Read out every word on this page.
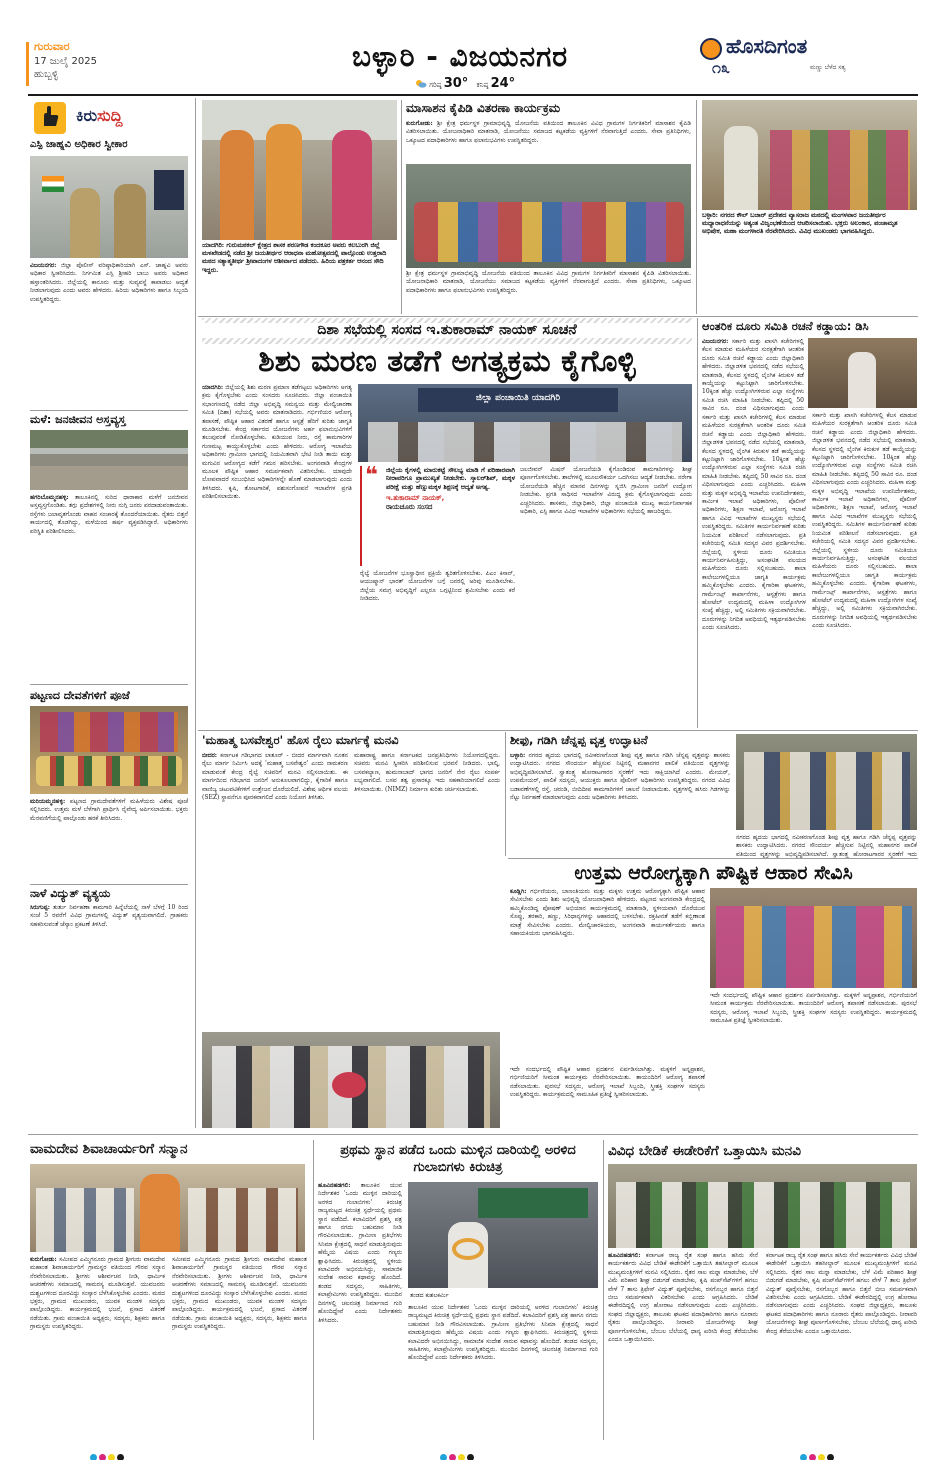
ಗುರುವಾರ
17 ಜುಲೈ 2025
ಹುಬ್ಬಳ್ಳಿ
ಬಳ್ಳಾರಿ - ವಿಜಯನಗರ
ಗರಿಷ್ಠ 30° ಕನಿಷ್ಠ 24°
ಹೊಸದಿಗಂತ
೧೩	ಮಣ್ಣು ಬೆಳೆದ ಸತ್ಯ
ಕಿರುಸುದ್ದಿ
ಎಸ್ಪಿ ಜಾಹ್ನವಿ ಅಧಿಕಾರ ಸ್ವೀಕಾರ
ವಿಜಯನಗರ: ಜಿಲ್ಲಾ ಪೊಲೀಸ್ ವರಿಷ್ಠಾಧಿಕಾರಿಯಾಗಿ ಎಸ್. ಜಾಹ್ನವಿ ಅವರು ಅಧಿಕಾರ ಸ್ವೀಕರಿಸಿದರು. ನಿರ್ಗಮಿತ ಎಸ್ಪಿ ಶ್ರೀಹರಿ ಬಾಬು ಅವರು ಅಧಿಕಾರ ಹಸ್ತಾಂತರಿಸಿದರು. ಜಿಲ್ಲೆಯಲ್ಲಿ ಕಾನೂನು ಮತ್ತು ಸುವ್ಯವಸ್ಥೆ ಕಾಪಾಡಲು ಆದ್ಯತೆ ನೀಡಲಾಗುವುದು ಎಂದು ಅವರು ಹೇಳಿದರು. ಹಿರಿಯ ಅಧಿಕಾರಿಗಳು ಹಾಗೂ ಸಿಬ್ಬಂದಿ ಉಪಸ್ಥಿತರಿದ್ದರು.
ಮಳೆ: ಜನಜೀವನ ಅಸ್ತವ್ಯಸ್ತ
ಹಗರಿಬೊಮ್ಮನಹಳ್ಳಿ: ತಾಲೂಕಿನಲ್ಲಿ ಸುರಿದ ಧಾರಾಕಾರ ಮಳೆಗೆ ಜನಜೀವನ ಅಸ್ತವ್ಯಸ್ತಗೊಂಡಿತು. ತಗ್ಗು ಪ್ರದೇಶಗಳಲ್ಲಿ ನೀರು ನುಗ್ಗಿ ಜನರು ಪರದಾಡುವಂತಾಯಿತು. ರಸ್ತೆಗಳು ಜಲಾವೃತಗೊಂಡು ವಾಹನ ಸಂಚಾರಕ್ಕೆ ತೊಂದರೆಯಾಯಿತು. ರೈತರು ಬಿತ್ತನೆ ಕಾರ್ಯದಲ್ಲಿ ತೊಡಗಿದ್ದು, ಮಳೆಯಿಂದ ಹರ್ಷ ವ್ಯಕ್ತಪಡಿಸಿದ್ದಾರೆ. ಅಧಿಕಾರಿಗಳು ಪರಿಸ್ಥಿತಿ ಪರಿಶೀಲಿಸಿದರು.
ಪಟ್ಟಣದ ದೇವತೆಗಳಿಗೆ ಪೂಜೆ
ಮರಿಯಮ್ಮನಹಳ್ಳಿ: ಪಟ್ಟಣದ ಗ್ರಾಮದೇವತೆಗಳಿಗೆ ಮಹಿಳೆಯರು ವಿಶೇಷ ಪೂಜೆ ಸಲ್ಲಿಸಿದರು. ಉತ್ತಮ ಮಳೆ ಬೆಳೆಗಾಗಿ ಪ್ರಾರ್ಥಿಸಿ ನೈವೇದ್ಯ ಅರ್ಪಿಸಲಾಯಿತು. ಭಕ್ತರು ಮೆರವಣಿಗೆಯಲ್ಲಿ ಪಾಲ್ಗೊಂಡು ಹರಕೆ ತೀರಿಸಿದರು.
ನಾಳೆ ವಿದ್ಯುತ್ ವ್ಯತ್ಯಯ
ಸಿರುಗುಪ್ಪ: ತುರ್ತು ನಿರ್ವಹಣಾ ಕಾಮಗಾರಿ ಹಿನ್ನೆಲೆಯಲ್ಲಿ ನಾಳೆ ಬೆಳಗ್ಗೆ 10 ರಿಂದ ಸಂಜೆ 5 ರವರೆಗೆ ವಿವಿಧ ಗ್ರಾಮಗಳಲ್ಲಿ ವಿದ್ಯುತ್ ವ್ಯತ್ಯಯವಾಗಲಿದೆ. ಗ್ರಾಹಕರು ಸಹಕರಿಸುವಂತೆ ಜೆಸ್ಕಾಂ ಪ್ರಕಟಣೆ ತಿಳಿಸಿದೆ.
ಯಾದಗಿರಿ: ಗುರುಮಠಕಲ್ ಕ್ಷೇತ್ರದ ಶಾಸಕ ಶರಣಗೌಡ ಕಂದಕೂರ ಅವರು ಕಲಬುರಗಿ ಜಿಲ್ಲೆ ಮಳಖೇಡದಲ್ಲಿ ನಡೆದ ಶ್ರೀ ಜಯತೀರ್ಥರ ಆರಾಧನಾ ಮಹೋತ್ಸವದಲ್ಲಿ ಪಾಲ್ಗೊಂಡು ಉತ್ತರಾದಿ ಮಠದ ಸತ್ಯಾತ್ಮತೀರ್ಥ ಶ್ರೀಪಾದಂಗಳ ಆಶೀರ್ವಾದ ಪಡೆದರು. ಹಿರಿಯ ಪತ್ರಕರ್ತ ಆನಂದ ಸೌದಿ ಇದ್ದರು.
ಮಾಸಾಶನ ಕೈಪಿಡಿ ವಿತರಣಾ ಕಾರ್ಯಕ್ರಮ
ಕುರುಗೋಡು: ಶ್ರೀ ಕ್ಷೇತ್ರ ಧರ್ಮಸ್ಥಳ ಗ್ರಾಮಾಭಿವೃದ್ಧಿ ಯೋಜನೆಯ ವತಿಯಿಂದ ತಾಲೂಕಿನ ವಿವಿಧ ಗ್ರಾಮಗಳ ನಿರ್ಗತಿಕರಿಗೆ ಮಾಸಾಶನ ಕೈಪಿಡಿ ವಿತರಿಸಲಾಯಿತು. ಯೋಜನಾಧಿಕಾರಿ ಮಾತನಾಡಿ, ಯೋಜನೆಯು ಸಮಾಜದ ಕಟ್ಟಕಡೆಯ ವ್ಯಕ್ತಿಗಳಿಗೆ ನೆರವಾಗುತ್ತಿದೆ ಎಂದರು. ಸೇವಾ ಪ್ರತಿನಿಧಿಗಳು, ಒಕ್ಕೂಟದ ಪದಾಧಿಕಾರಿಗಳು ಹಾಗೂ ಫಲಾನುಭವಿಗಳು ಉಪಸ್ಥಿತರಿದ್ದರು.
ಶ್ರೀ ಕ್ಷೇತ್ರ ಧರ್ಮಸ್ಥಳ ಗ್ರಾಮಾಭಿವೃದ್ಧಿ ಯೋಜನೆಯ ವತಿಯಿಂದ ತಾಲೂಕಿನ ವಿವಿಧ ಗ್ರಾಮಗಳ ನಿರ್ಗತಿಕರಿಗೆ ಮಾಸಾಶನ ಕೈಪಿಡಿ ವಿತರಿಸಲಾಯಿತು. ಯೋಜನಾಧಿಕಾರಿ ಮಾತನಾಡಿ, ಯೋಜನೆಯು ಸಮಾಜದ ಕಟ್ಟಕಡೆಯ ವ್ಯಕ್ತಿಗಳಿಗೆ ನೆರವಾಗುತ್ತಿದೆ ಎಂದರು. ಸೇವಾ ಪ್ರತಿನಿಧಿಗಳು, ಒಕ್ಕೂಟದ ಪದಾಧಿಕಾರಿಗಳು ಹಾಗೂ ಫಲಾನುಭವಿಗಳು ಉಪಸ್ಥಿತರಿದ್ದರು.
ಬಳ್ಳಾರಿ: ನಗರದ ಕೌಲ್ ಬಜಾರ್ ಪ್ರದೇಶದ ವ್ಯಾಸರಾಜ ಮಠದಲ್ಲಿ ಮಂಗಳವಾರ ಜಯತೀರ್ಥರ ಮಧ್ಯಾರಾಧನೆಯನ್ನು ಅತ್ಯಂತ ವಿಜೃಂಭಣೆಯಿಂದ ಆಚರಿಸಲಾಯಿತು. ಭಕ್ತರು ಅಲಂಕಾರ, ಪಂಚಾಮೃತ ಅಭಿಷೇಕ, ಮಹಾ ಮಂಗಳಾರತಿ ನೆರವೇರಿಸಿದರು. ವಿವಿಧ ಮುಖಂಡರು ಭಾಗವಹಿಸಿದ್ದರು.
ದಿಶಾ ಸಭೆಯಲ್ಲಿ ಸಂಸದ ಇ.ತುಕಾರಾಮ್ ನಾಯಕ್ ಸೂಚನೆ
ಶಿಶು ಮರಣ ತಡೆಗೆ ಅಗತ್ಯಕ್ರಮ ಕೈಗೊಳ್ಳಿ
ಯಾದಗಿರಿ: ಜಿಲ್ಲೆಯಲ್ಲಿ ಶಿಶು ಮರಣ ಪ್ರಮಾಣ ತಡೆಗಟ್ಟಲು ಅಧಿಕಾರಿಗಳು ಅಗತ್ಯ ಕ್ರಮ ಕೈಗೊಳ್ಳಬೇಕು ಎಂದು ಸಂಸದರು ಸೂಚಿಸಿದರು. ಜಿಲ್ಲಾ ಪಂಚಾಯಿತಿ ಸಭಾಂಗಣದಲ್ಲಿ ನಡೆದ ಜಿಲ್ಲಾ ಅಭಿವೃದ್ಧಿ ಸಮನ್ವಯ ಮತ್ತು ಮೇಲ್ವಿಚಾರಣಾ ಸಮಿತಿ (ದಿಶಾ) ಸಭೆಯಲ್ಲಿ ಅವರು ಮಾತನಾಡಿದರು. ಗರ್ಭಿಣಿಯರ ಆರೋಗ್ಯ ತಪಾಸಣೆ, ಪೌಷ್ಟಿಕ ಆಹಾರ ವಿತರಣೆ ಹಾಗೂ ಆಸ್ಪತ್ರೆ ಹೆರಿಗೆ ಕುರಿತು ಜಾಗೃತಿ ಮೂಡಿಸಬೇಕು. ಕೇಂದ್ರ ಸರ್ಕಾರದ ಯೋಜನೆಗಳು ಅರ್ಹ ಫಲಾನುಭವಿಗಳಿಗೆ ತಲುಪುವಂತೆ ನೋಡಿಕೊಳ್ಳಬೇಕು. ಕುಡಿಯುವ ನೀರು, ರಸ್ತೆ ಕಾಮಗಾರಿಗಳ ಗುಣಮಟ್ಟ ಕಾಯ್ದುಕೊಳ್ಳಬೇಕು ಎಂದು ಹೇಳಿದರು. ಆರೋಗ್ಯ ಇಲಾಖೆಯ ಅಧಿಕಾರಿಗಳು ಗ್ರಾಮೀಣ ಭಾಗದಲ್ಲಿ ನಿಯಮಿತವಾಗಿ ಭೇಟಿ ನೀಡಿ ತಾಯಿ ಮತ್ತು ಮಗುವಿನ ಆರೋಗ್ಯದ ಕಡೆಗೆ ಗಮನ ಹರಿಸಬೇಕು. ಅಂಗನವಾಡಿ ಕೇಂದ್ರಗಳ ಮೂಲಕ ಪೌಷ್ಟಿಕ ಆಹಾರ ಸಮರ್ಪಕವಾಗಿ ವಿತರಿಸಬೇಕು. ಯಾವುದೇ ಲೋಪವಾದರೆ ಸಂಬಂಧಿಸಿದ ಅಧಿಕಾರಿಗಳನ್ನೇ ಹೊಣೆ ಮಾಡಲಾಗುವುದು ಎಂದು ತಿಳಿಸಿದರು. ಕೃಷಿ, ತೋಟಗಾರಿಕೆ, ಪಶುಸಂಗೋಪನೆ ಇಲಾಖೆಗಳ ಪ್ರಗತಿ ಪರಿಶೀಲಿಸಲಾಯಿತು.
ಜಿಲ್ಲಾ ಪಂಚಾಯಿತಿ ಯಾದಗಿರಿ
❝	ಜಿಲ್ಲೆಯ ಕೈಗಳಲ್ಲಿ ಮಾರುಕಟ್ಟೆ ಸೌಲಭ್ಯ ಮಾಡಿ ಗೆ ಪರಿಹಾರವಾಗಿ ನೀರಾವರಿಗೂ ಪ್ರಾಮುಖ್ಯತೆ ನೀಡಬೇಕು. ಸ್ಕಾಲರ್‌ಶಿಪ್, ಮಕ್ಕಳ ಪರೀಕ್ಷೆ ಮತ್ತು ಹೆಣ್ಣುಮಕ್ಕಳ ಶಿಕ್ಷಣಕ್ಕೆ ಆದ್ಯತೆ ಅಗತ್ಯ.
ಇ.ತುಕಾರಾಮ್ ನಾಯಕ್,
ರಾಯಚೂರು ಸಂಸದ
ಜಲಜೀವನ್ ಮಿಷನ್ ಯೋಜನೆಯಡಿ ಕೈಗೊಂಡಿರುವ ಕಾಮಗಾರಿಗಳನ್ನು ಶೀಘ್ರ ಪೂರ್ಣಗೊಳಿಸಬೇಕು. ಶಾಲೆಗಳಲ್ಲಿ ಮೂಲಸೌಕರ್ಯ ಒದಗಿಸಲು ಆದ್ಯತೆ ನೀಡಬೇಕು. ನರೇಗಾ ಯೋಜನೆಯಡಿ ಹೆಚ್ಚಿನ ಮಾನವ ದಿನಗಳನ್ನು ಸೃಜಿಸಿ ಗ್ರಾಮೀಣ ಜನರಿಗೆ ಉದ್ಯೋಗ ನೀಡಬೇಕು. ಪ್ರಗತಿ ಸಾಧಿಸದ ಇಲಾಖೆಗಳ ವಿರುದ್ಧ ಕ್ರಮ ಕೈಗೊಳ್ಳಲಾಗುವುದು ಎಂದು ಎಚ್ಚರಿಸಿದರು. ಶಾಸಕರು, ಜಿಲ್ಲಾಧಿಕಾರಿ, ಜಿಲ್ಲಾ ಪಂಚಾಯಿತಿ ಮುಖ್ಯ ಕಾರ್ಯನಿರ್ವಾಹಕ ಅಧಿಕಾರಿ, ಎಸ್ಪಿ ಹಾಗೂ ವಿವಿಧ ಇಲಾಖೆಗಳ ಅಧಿಕಾರಿಗಳು ಸಭೆಯಲ್ಲಿ ಹಾಜರಿದ್ದರು.
ರೈಲ್ವೆ ಯೋಜನೆಗಳ ಭೂಸ್ವಾಧೀನ ಪ್ರಕ್ರಿಯೆ ತ್ವರಿತಗೊಳಿಸಬೇಕು. ಪಿಎಂ ಕಿಸಾನ್, ಆಯುಷ್ಮಾನ್ ಭಾರತ್ ಯೋಜನೆಗಳ ಬಗ್ಗೆ ಜನರಲ್ಲಿ ಅರಿವು ಮೂಡಿಸಬೇಕು. ಜಿಲ್ಲೆಯ ಸಮಗ್ರ ಅಭಿವೃದ್ಧಿಗೆ ಎಲ್ಲರೂ ಒಗ್ಗಟ್ಟಿನಿಂದ ಶ್ರಮಿಸಬೇಕು ಎಂದು ಕರೆ ನೀಡಿದರು.
ಆಂತರಿಕ ದೂರು ಸಮಿತಿ ರಚನೆ ಕಡ್ಡಾಯ: ಡಿಸಿ
ವಿಜಯನಗರ: ಸರ್ಕಾರಿ ಮತ್ತು ಖಾಸಗಿ ಕಚೇರಿಗಳಲ್ಲಿ ಕೆಲಸ ಮಾಡುವ ಮಹಿಳೆಯರ ಸುರಕ್ಷತೆಗಾಗಿ ಆಂತರಿಕ ದೂರು ಸಮಿತಿ ರಚನೆ ಕಡ್ಡಾಯ ಎಂದು ಜಿಲ್ಲಾಧಿಕಾರಿ ಹೇಳಿದರು. ಜಿಲ್ಲಾಡಳಿತ ಭವನದಲ್ಲಿ ನಡೆದ ಸಭೆಯಲ್ಲಿ ಮಾತನಾಡಿ, ಕೆಲಸದ ಸ್ಥಳದಲ್ಲಿ ಲೈಂಗಿಕ ಕಿರುಕುಳ ತಡೆ ಕಾಯ್ದೆಯನ್ನು ಕಟ್ಟುನಿಟ್ಟಾಗಿ ಜಾರಿಗೊಳಿಸಬೇಕು. 10ಕ್ಕಿಂತ ಹೆಚ್ಚು ಉದ್ಯೋಗಿಗಳಿರುವ ಎಲ್ಲಾ ಸಂಸ್ಥೆಗಳು ಸಮಿತಿ ರಚಿಸಿ ಮಾಹಿತಿ ನೀಡಬೇಕು. ತಪ್ಪಿದಲ್ಲಿ 50 ಸಾವಿರ ರೂ. ದಂಡ ವಿಧಿಸಲಾಗುವುದು ಎಂದು
ಸರ್ಕಾರಿ ಮತ್ತು ಖಾಸಗಿ ಕಚೇರಿಗಳಲ್ಲಿ ಕೆಲಸ ಮಾಡುವ ಮಹಿಳೆಯರ ಸುರಕ್ಷತೆಗಾಗಿ ಆಂತರಿಕ ದೂರು ಸಮಿತಿ ರಚನೆ ಕಡ್ಡಾಯ ಎಂದು ಜಿಲ್ಲಾಧಿಕಾರಿ ಹೇಳಿದರು. ಜಿಲ್ಲಾಡಳಿತ ಭವನದಲ್ಲಿ ನಡೆದ ಸಭೆಯಲ್ಲಿ ಮಾತನಾಡಿ, ಕೆಲಸದ ಸ್ಥಳದಲ್ಲಿ ಲೈಂಗಿಕ ಕಿರುಕುಳ ತಡೆ ಕಾಯ್ದೆಯನ್ನು ಕಟ್ಟುನಿಟ್ಟಾಗಿ ಜಾರಿಗೊಳಿಸಬೇಕು. 10ಕ್ಕಿಂತ ಹೆಚ್ಚು ಉದ್ಯೋಗಿಗಳಿರುವ ಎಲ್ಲಾ ಸಂಸ್ಥೆಗಳು ಸಮಿತಿ ರಚಿಸಿ ಮಾಹಿತಿ ನೀಡಬೇಕು. ತಪ್ಪಿದಲ್ಲಿ 50 ಸಾವಿರ ರೂ. ದಂಡ ವಿಧಿಸಲಾಗುವುದು ಎಂದು ಎಚ್ಚರಿಸಿದರು. ಮಹಿಳಾ ಮತ್ತು ಮಕ್ಕಳ ಅಭಿವೃದ್ಧಿ ಇಲಾಖೆಯ ಉಪನಿರ್ದೇಶಕರು, ಕಾರ್ಮಿಕ ಇಲಾಖೆ ಅಧಿಕಾರಿಗಳು, ಪೊಲೀಸ್ ಅಧಿಕಾರಿಗಳು, ಶಿಕ್ಷಣ ಇಲಾಖೆ, ಆರೋಗ್ಯ ಇಲಾಖೆ ಹಾಗೂ ವಿವಿಧ ಇಲಾಖೆಗಳ ಮುಖ್ಯಸ್ಥರು ಸಭೆಯಲ್ಲಿ ಉಪಸ್ಥಿತರಿದ್ದರು. ಸಮಿತಿಗಳ ಕಾರ್ಯನಿರ್ವಹಣೆ ಕುರಿತು ನಿಯಮಿತ ಪರಿಶೀಲನೆ ನಡೆಸಲಾಗುವುದು. ಪ್ರತಿ ಕಚೇರಿಯಲ್ಲಿ ಸಮಿತಿ ಸದಸ್ಯರ ವಿವರ ಪ್ರದರ್ಶಿಸಬೇಕು. ಜಿಲ್ಲೆಯಲ್ಲಿ ಸ್ಥಳೀಯ ದೂರು ಸಮಿತಿಯೂ ಕಾರ್ಯನಿರ್ವಹಿಸುತ್ತಿದ್ದು, ಅಸಂಘಟಿತ ವಲಯದ ಮಹಿಳೆಯರು ದೂರು ಸಲ್ಲಿಸಬಹುದು. ಶಾಲಾ ಕಾಲೇಜುಗಳಲ್ಲಿಯೂ ಜಾಗೃತಿ ಕಾರ್ಯಕ್ರಮ ಹಮ್ಮಿಕೊಳ್ಳಬೇಕು ಎಂದರು. ಕೈಗಾರಿಕಾ ಘಟಕಗಳು, ಗಾರ್ಮೆಂಟ್ಸ್ ಕಾರ್ಖಾನೆಗಳು, ಆಸ್ಪತ್ರೆಗಳು ಹಾಗೂ ಹೋಟೆಲ್ ಉದ್ಯಮದಲ್ಲಿ ಮಹಿಳಾ ಉದ್ಯೋಗಿಗಳ ಸಂಖ್ಯೆ ಹೆಚ್ಚಿದ್ದು, ಅಲ್ಲಿ ಸಮಿತಿಗಳು ಸಕ್ರಿಯವಾಗಿರಬೇಕು. ದೂರುಗಳನ್ನು ನಿಗದಿತ ಅವಧಿಯಲ್ಲಿ ಇತ್ಯರ್ಥಪಡಿಸಬೇಕು ಎಂದು ಸೂಚಿಸಿದರು.
ಸರ್ಕಾರಿ ಮತ್ತು ಖಾಸಗಿ ಕಚೇರಿಗಳಲ್ಲಿ ಕೆಲಸ ಮಾಡುವ ಮಹಿಳೆಯರ ಸುರಕ್ಷತೆಗಾಗಿ ಆಂತರಿಕ ದೂರು ಸಮಿತಿ ರಚನೆ ಕಡ್ಡಾಯ ಎಂದು ಜಿಲ್ಲಾಧಿಕಾರಿ ಹೇಳಿದರು. ಜಿಲ್ಲಾಡಳಿತ ಭವನದಲ್ಲಿ ನಡೆದ ಸಭೆಯಲ್ಲಿ ಮಾತನಾಡಿ, ಕೆಲಸದ ಸ್ಥಳದಲ್ಲಿ ಲೈಂಗಿಕ ಕಿರುಕುಳ ತಡೆ ಕಾಯ್ದೆಯನ್ನು ಕಟ್ಟುನಿಟ್ಟಾಗಿ ಜಾರಿಗೊಳಿಸಬೇಕು. 10ಕ್ಕಿಂತ ಹೆಚ್ಚು ಉದ್ಯೋಗಿಗಳಿರುವ ಎಲ್ಲಾ ಸಂಸ್ಥೆಗಳು ಸಮಿತಿ ರಚಿಸಿ ಮಾಹಿತಿ ನೀಡಬೇಕು. ತಪ್ಪಿದಲ್ಲಿ 50 ಸಾವಿರ ರೂ. ದಂಡ ವಿಧಿಸಲಾಗುವುದು ಎಂದು ಎಚ್ಚರಿಸಿದರು. ಮಹಿಳಾ ಮತ್ತು ಮಕ್ಕಳ ಅಭಿವೃದ್ಧಿ ಇಲಾಖೆಯ ಉಪನಿರ್ದೇಶಕರು, ಕಾರ್ಮಿಕ ಇಲಾಖೆ ಅಧಿಕಾರಿಗಳು, ಪೊಲೀಸ್ ಅಧಿಕಾರಿಗಳು, ಶಿಕ್ಷಣ ಇಲಾಖೆ, ಆರೋಗ್ಯ ಇಲಾಖೆ ಹಾಗೂ ವಿವಿಧ ಇಲಾಖೆಗಳ ಮುಖ್ಯಸ್ಥರು ಸಭೆಯಲ್ಲಿ ಉಪಸ್ಥಿತರಿದ್ದರು. ಸಮಿತಿಗಳ ಕಾರ್ಯನಿರ್ವಹಣೆ ಕುರಿತು ನಿಯಮಿತ ಪರಿಶೀಲನೆ ನಡೆಸಲಾಗುವುದು. ಪ್ರತಿ ಕಚೇರಿಯಲ್ಲಿ ಸಮಿತಿ ಸದಸ್ಯರ ವಿವರ ಪ್ರದರ್ಶಿಸಬೇಕು. ಜಿಲ್ಲೆಯಲ್ಲಿ ಸ್ಥಳೀಯ ದೂರು ಸಮಿತಿಯೂ ಕಾರ್ಯನಿರ್ವಹಿಸುತ್ತಿದ್ದು, ಅಸಂಘಟಿತ ವಲಯದ ಮಹಿಳೆಯರು ದೂರು ಸಲ್ಲಿಸಬಹುದು. ಶಾಲಾ ಕಾಲೇಜುಗಳಲ್ಲಿಯೂ ಜಾಗೃತಿ ಕಾರ್ಯಕ್ರಮ ಹಮ್ಮಿಕೊಳ್ಳಬೇಕು ಎಂದರು. ಕೈಗಾರಿಕಾ ಘಟಕಗಳು, ಗಾರ್ಮೆಂಟ್ಸ್ ಕಾರ್ಖಾನೆಗಳು, ಆಸ್ಪತ್ರೆಗಳು ಹಾಗೂ ಹೋಟೆಲ್ ಉದ್ಯಮದಲ್ಲಿ ಮಹಿಳಾ ಉದ್ಯೋಗಿಗಳ ಸಂಖ್ಯೆ ಹೆಚ್ಚಿದ್ದು, ಅಲ್ಲಿ ಸಮಿತಿಗಳು ಸಕ್ರಿಯವಾಗಿರಬೇಕು. ದೂರುಗಳನ್ನು ನಿಗದಿತ ಅವಧಿಯಲ್ಲಿ ಇತ್ಯರ್ಥಪಡಿಸಬೇಕು ಎಂದು ಸೂಚಿಸಿದರು.
'ಮಹಾತ್ಮ ಬಸವೇಶ್ವರ' ಹೊಸ ರೈಲು ಮಾರ್ಗಕ್ಕೆ ಮನವಿ
ಬೀದರ: ಕರ್ನಾಟಕ ಗಡಿಭಾಗದ ಲಾತೂರ್ - ಬೀದರ ಮಾರ್ಗವಾಗಿ ನೂತನ ರೈಲು ಮಾರ್ಗ ನಿರ್ಮಿಸಿ ಅದಕ್ಕೆ 'ಮಹಾತ್ಮ ಬಸವೇಶ್ವರ' ಎಂದು ನಾಮಕರಣ ಮಾಡುವಂತೆ ಕೇಂದ್ರ ರೈಲ್ವೆ ಸಚಿವರಿಗೆ ಮನವಿ ಸಲ್ಲಿಸಲಾಯಿತು. ಈ ಮಾರ್ಗದಿಂದ ಗಡಿಭಾಗದ ಜನರಿಗೆ ಅನುಕೂಲವಾಗಲಿದ್ದು, ಕೈಗಾರಿಕೆ ಹಾಗೂ ವಾಣಿಜ್ಯ ಚಟುವಟಿಕೆಗಳಿಗೆ ಉತ್ತೇಜನ ದೊರೆಯಲಿದೆ. ವಿಶೇಷ ಆರ್ಥಿಕ ವಲಯ (SEZ) ಸ್ಥಾಪನೆಗೂ ಪೂರಕವಾಗಲಿದೆ ಎಂದು ನಿಯೋಗ ತಿಳಿಸಿತು.
ಮಹಾರಾಷ್ಟ್ರ ಹಾಗೂ ಕರ್ನಾಟಕದ ಜನಪ್ರತಿನಿಧಿಗಳು ನಿಯೋಗದಲ್ಲಿದ್ದರು. ಸಚಿವರು ಮನವಿ ಸ್ವೀಕರಿಸಿ ಪರಿಶೀಲಿಸುವ ಭರವಸೆ ನೀಡಿದರು. ಭಾಲ್ಕಿ, ಬಸವಕಲ್ಯಾಣ, ಹುಮನಾಬಾದ್ ಭಾಗದ ಜನರಿಗೆ ನೇರ ರೈಲು ಸಂಪರ್ಕ ಲಭ್ಯವಾಗಲಿದೆ. ಬಸವ ತತ್ವ ಪ್ರಸಾರಕ್ಕೂ ಇದು ಸಹಕಾರಿಯಾಗಲಿದೆ ಎಂದು ತಿಳಿಸಲಾಯಿತು. (NIMZ) ನಿರ್ಮಾಣ ಕುರಿತು ಚರ್ಚಿಸಲಾಯಿತು.
ಶೀಫು, ಗಡಿಗಿ ಚೆನ್ನಪ್ಪ ವೃತ್ತ ಉದ್ಘಾಟನೆ
ಬಳ್ಳಾರಿ: ನಗರದ ಹೃದಯ ಭಾಗದಲ್ಲಿ ನವೀಕರಣಗೊಂಡ ಶೀಫು ವೃತ್ತ ಹಾಗೂ ಗಡಿಗಿ ಚೆನ್ನಪ್ಪ ವೃತ್ತವನ್ನು ಶಾಸಕರು ಉದ್ಘಾಟಿಸಿದರು. ನಗರದ ಸೌಂದರ್ಯ ಹೆಚ್ಚಿಸುವ ನಿಟ್ಟಿನಲ್ಲಿ ಮಹಾನಗರ ಪಾಲಿಕೆ ವತಿಯಿಂದ ವೃತ್ತಗಳನ್ನು ಅಭಿವೃದ್ಧಿಪಡಿಸಲಾಗಿದೆ. ಸ್ವಾತಂತ್ರ್ಯ ಹೋರಾಟಗಾರರ ಸ್ಮರಣೆಗೆ ಇದು ಸಾಕ್ಷಿಯಾಗಿದೆ ಎಂದರು. ಮೇಯರ್, ಉಪಮೇಯರ್, ಪಾಲಿಕೆ ಸದಸ್ಯರು, ಆಯುಕ್ತರು ಹಾಗೂ ಪೊಲೀಸ್ ಅಧಿಕಾರಿಗಳು ಉಪಸ್ಥಿತರಿದ್ದರು. ನಗರದ ವಿವಿಧ ಬಡಾವಣೆಗಳಲ್ಲಿ ರಸ್ತೆ, ಚರಂಡಿ, ಬೀದಿದೀಪ ಕಾಮಗಾರಿಗಳಿಗೆ ಚಾಲನೆ ನೀಡಲಾಯಿತು. ವೃತ್ತಗಳಲ್ಲಿ ಹಸಿರು ಗಿಡಗಳನ್ನು ನೆಟ್ಟು ನಿರ್ವಹಣೆ ಮಾಡಲಾಗುವುದು ಎಂದು ಅಧಿಕಾರಿಗಳು ತಿಳಿಸಿದರು.
ನಗರದ ಹೃದಯ ಭಾಗದಲ್ಲಿ ನವೀಕರಣಗೊಂಡ ಶೀಫು ವೃತ್ತ ಹಾಗೂ ಗಡಿಗಿ ಚೆನ್ನಪ್ಪ ವೃತ್ತವನ್ನು ಶಾಸಕರು ಉದ್ಘಾಟಿಸಿದರು. ನಗರದ ಸೌಂದರ್ಯ ಹೆಚ್ಚಿಸುವ ನಿಟ್ಟಿನಲ್ಲಿ ಮಹಾನಗರ ಪಾಲಿಕೆ ವತಿಯಿಂದ ವೃತ್ತಗಳನ್ನು ಅಭಿವೃದ್ಧಿಪಡಿಸಲಾಗಿದೆ. ಸ್ವಾತಂತ್ರ್ಯ ಹೋರಾಟಗಾರರ ಸ್ಮರಣೆಗೆ ಇದು
ಉತ್ತಮ ಆರೋಗ್ಯಕ್ಕಾಗಿ ಪೌಷ್ಟಿಕ ಆಹಾರ ಸೇವಿಸಿ
ಕೂಡ್ಲಿಗಿ: ಗರ್ಭಿಣಿಯರು, ಬಾಣಂತಿಯರು ಮತ್ತು ಮಕ್ಕಳು ಉತ್ತಮ ಆರೋಗ್ಯಕ್ಕಾಗಿ ಪೌಷ್ಟಿಕ ಆಹಾರ ಸೇವಿಸಬೇಕು ಎಂದು ಶಿಶು ಅಭಿವೃದ್ಧಿ ಯೋಜನಾಧಿಕಾರಿ ಹೇಳಿದರು. ಪಟ್ಟಣದ ಅಂಗನವಾಡಿ ಕೇಂದ್ರದಲ್ಲಿ ಹಮ್ಮಿಕೊಂಡಿದ್ದ ಪೋಷಣ್ ಅಭಿಯಾನ ಕಾರ್ಯಕ್ರಮದಲ್ಲಿ ಮಾತನಾಡಿ, ಸ್ಥಳೀಯವಾಗಿ ದೊರೆಯುವ ಸೊಪ್ಪು, ತರಕಾರಿ, ಹಣ್ಣು, ಸಿರಿಧಾನ್ಯಗಳನ್ನು ಆಹಾರದಲ್ಲಿ ಬಳಸಬೇಕು. ರಕ್ತಹೀನತೆ ತಡೆಗೆ ಕಬ್ಬಿಣಾಂಶ ಮಾತ್ರೆ ಸೇವಿಸಬೇಕು ಎಂದರು. ಮೇಲ್ವಿಚಾರಕಿಯರು, ಅಂಗನವಾಡಿ ಕಾರ್ಯಕರ್ತೆಯರು ಹಾಗೂ ಸಹಾಯಕಿಯರು ಭಾಗವಹಿಸಿದ್ದರು.
ಇದೇ ಸಂದರ್ಭದಲ್ಲಿ ಪೌಷ್ಟಿಕ ಆಹಾರ ಪ್ರದರ್ಶನ ಏರ್ಪಡಿಸಲಾಗಿತ್ತು. ಮಕ್ಕಳಿಗೆ ಅನ್ನಪ್ರಾಶನ, ಗರ್ಭಿಣಿಯರಿಗೆ ಸೀಮಂತ ಕಾರ್ಯಕ್ರಮ ನೆರವೇರಿಸಲಾಯಿತು. ತಾಯಂದಿರಿಗೆ ಆರೋಗ್ಯ ತಪಾಸಣೆ ನಡೆಸಲಾಯಿತು. ಪುರಸಭೆ ಸದಸ್ಯರು, ಆರೋಗ್ಯ ಇಲಾಖೆ ಸಿಬ್ಬಂದಿ, ಸ್ತ್ರೀಶಕ್ತಿ ಸಂಘಗಳ ಸದಸ್ಯರು ಉಪಸ್ಥಿತರಿದ್ದರು. ಕಾರ್ಯಕ್ರಮದಲ್ಲಿ ಸಾಮೂಹಿಕ ಪ್ರತಿಜ್ಞೆ ಸ್ವೀಕರಿಸಲಾಯಿತು.
ಇದೇ ಸಂದರ್ಭದಲ್ಲಿ ಪೌಷ್ಟಿಕ ಆಹಾರ ಪ್ರದರ್ಶನ ಏರ್ಪಡಿಸಲಾಗಿತ್ತು. ಮಕ್ಕಳಿಗೆ ಅನ್ನಪ್ರಾಶನ, ಗರ್ಭಿಣಿಯರಿಗೆ ಸೀಮಂತ ಕಾರ್ಯಕ್ರಮ ನೆರವೇರಿಸಲಾಯಿತು. ತಾಯಂದಿರಿಗೆ ಆರೋಗ್ಯ ತಪಾಸಣೆ ನಡೆಸಲಾಯಿತು. ಪುರಸಭೆ ಸದಸ್ಯರು, ಆರೋಗ್ಯ ಇಲಾಖೆ ಸಿಬ್ಬಂದಿ, ಸ್ತ್ರೀಶಕ್ತಿ ಸಂಘಗಳ ಸದಸ್ಯರು ಉಪಸ್ಥಿತರಿದ್ದರು. ಕಾರ್ಯಕ್ರಮದಲ್ಲಿ ಸಾಮೂಹಿಕ ಪ್ರತಿಜ್ಞೆ ಸ್ವೀಕರಿಸಲಾಯಿತು.
ವಾಮದೇವ ಶಿವಾಚಾರ್ಯರಿಗೆ ಸನ್ಮಾನ
ಕುರುಗೋಡು: ಸಮೀಪದ ಎಮ್ಮಿಗನೂರು ಗ್ರಾಮದ ಶ್ರೀಗುರು ವಾಮದೇವ ಮಹಾಂತ ಶಿವಾಚಾರ್ಯರಿಗೆ ಗ್ರಾಮಸ್ಥರ ವತಿಯಿಂದ ಗೌರವ ಸನ್ಮಾನ ನೆರವೇರಿಸಲಾಯಿತು. ಶ್ರೀಗಳು ಆಶೀರ್ವಚನ ನೀಡಿ, ಧಾರ್ಮಿಕ ಆಚರಣೆಗಳು ಸಮಾಜದಲ್ಲಿ ಸಾಮರಸ್ಯ ಮೂಡಿಸುತ್ತವೆ. ಯುವಜನರು ದುಶ್ಚಟಗಳಿಂದ ದೂರವಿದ್ದು ಸಂಸ್ಕಾರ ಬೆಳೆಸಿಕೊಳ್ಳಬೇಕು ಎಂದರು. ಮಠದ ಭಕ್ತರು, ಗ್ರಾಮದ ಮುಖಂಡರು, ಯುವಕ ಮಂಡಳಿ ಸದಸ್ಯರು ಪಾಲ್ಗೊಂಡಿದ್ದರು. ಕಾರ್ಯಕ್ರಮದಲ್ಲಿ ಭಜನೆ, ಪ್ರಸಾದ ವಿತರಣೆ ನಡೆಯಿತು. ಗ್ರಾಮ ಪಂಚಾಯಿತಿ ಅಧ್ಯಕ್ಷರು, ಸದಸ್ಯರು, ಶಿಕ್ಷಕರು ಹಾಗೂ ಗ್ರಾಮಸ್ಥರು ಉಪಸ್ಥಿತರಿದ್ದರು.
ಸಮೀಪದ ಎಮ್ಮಿಗನೂರು ಗ್ರಾಮದ ಶ್ರೀಗುರು ವಾಮದೇವ ಮಹಾಂತ ಶಿವಾಚಾರ್ಯರಿಗೆ ಗ್ರಾಮಸ್ಥರ ವತಿಯಿಂದ ಗೌರವ ಸನ್ಮಾನ ನೆರವೇರಿಸಲಾಯಿತು. ಶ್ರೀಗಳು ಆಶೀರ್ವಚನ ನೀಡಿ, ಧಾರ್ಮಿಕ ಆಚರಣೆಗಳು ಸಮಾಜದಲ್ಲಿ ಸಾಮರಸ್ಯ ಮೂಡಿಸುತ್ತವೆ. ಯುವಜನರು ದುಶ್ಚಟಗಳಿಂದ ದೂರವಿದ್ದು ಸಂಸ್ಕಾರ ಬೆಳೆಸಿಕೊಳ್ಳಬೇಕು ಎಂದರು. ಮಠದ ಭಕ್ತರು, ಗ್ರಾಮದ ಮುಖಂಡರು, ಯುವಕ ಮಂಡಳಿ ಸದಸ್ಯರು ಪಾಲ್ಗೊಂಡಿದ್ದರು. ಕಾರ್ಯಕ್ರಮದಲ್ಲಿ ಭಜನೆ, ಪ್ರಸಾದ ವಿತರಣೆ ನಡೆಯಿತು. ಗ್ರಾಮ ಪಂಚಾಯಿತಿ ಅಧ್ಯಕ್ಷರು, ಸದಸ್ಯರು, ಶಿಕ್ಷಕರು ಹಾಗೂ ಗ್ರಾಮಸ್ಥರು ಉಪಸ್ಥಿತರಿದ್ದರು.
ಪ್ರಥಮ ಸ್ಥಾನ ಪಡೆದ ಒಂದು ಮುಳ್ಳಿನ ದಾರಿಯಲ್ಲಿ ಅರಳಿದ ಗುಲಾಬಿಗಳು ಕಿರುಚಿತ್ರ
ಹೂವಿನಹಡಗಲಿ: ತಾಲೂಕಿನ ಯುವ ನಿರ್ದೇಶಕರ 'ಒಂದು ಮುಳ್ಳಿನ ದಾರಿಯಲ್ಲಿ ಅರಳಿದ ಗುಲಾಬಿಗಳು' ಕಿರುಚಿತ್ರ ರಾಜ್ಯಮಟ್ಟದ ಕಿರುಚಿತ್ರ ಸ್ಪರ್ಧೆಯಲ್ಲಿ ಪ್ರಥಮ ಸ್ಥಾನ ಪಡೆದಿದೆ. ಕಲಾವಿದರಿಗೆ ಪ್ರಶಸ್ತಿ ಪತ್ರ ಹಾಗೂ ನಗದು ಬಹುಮಾನ ನೀಡಿ ಗೌರವಿಸಲಾಯಿತು. ಗ್ರಾಮೀಣ ಪ್ರತಿಭೆಗಳು ಸಿನಿಮಾ ಕ್ಷೇತ್ರದಲ್ಲಿ ಸಾಧನೆ ಮಾಡುತ್ತಿರುವುದು ಹೆಮ್ಮೆಯ ವಿಷಯ ಎಂದು ಗಣ್ಯರು ಶ್ಲಾಘಿಸಿದರು. ಕಿರುಚಿತ್ರದಲ್ಲಿ ಸ್ಥಳೀಯ ಕಲಾವಿದರೇ ಅಭಿನಯಿಸಿದ್ದು, ಸಾಮಾಜಿಕ ಸಂದೇಶ ಸಾರುವ ಕಥಾವಸ್ತು ಹೊಂದಿದೆ. ತಂಡದ ಸದಸ್ಯರು, ಸಾಹಿತಿಗಳು, ಕಲಾಪ್ರೇಮಿಗಳು ಉಪಸ್ಥಿತರಿದ್ದರು. ಮುಂದಿನ ದಿನಗಳಲ್ಲಿ ಚಲನಚಿತ್ರ ನಿರ್ಮಾಣದ ಗುರಿ ಹೊಂದಿದ್ದೇವೆ ಎಂದು ನಿರ್ದೇಶಕರು ತಿಳಿಸಿದರು.
ತಂಡದ ಕುಶಲಕರ್ಮಿ
ತಾಲೂಕಿನ ಯುವ ನಿರ್ದೇಶಕರ 'ಒಂದು ಮುಳ್ಳಿನ ದಾರಿಯಲ್ಲಿ ಅರಳಿದ ಗುಲಾಬಿಗಳು' ಕಿರುಚಿತ್ರ ರಾಜ್ಯಮಟ್ಟದ ಕಿರುಚಿತ್ರ ಸ್ಪರ್ಧೆಯಲ್ಲಿ ಪ್ರಥಮ ಸ್ಥಾನ ಪಡೆದಿದೆ. ಕಲಾವಿದರಿಗೆ ಪ್ರಶಸ್ತಿ ಪತ್ರ ಹಾಗೂ ನಗದು ಬಹುಮಾನ ನೀಡಿ ಗೌರವಿಸಲಾಯಿತು. ಗ್ರಾಮೀಣ ಪ್ರತಿಭೆಗಳು ಸಿನಿಮಾ ಕ್ಷೇತ್ರದಲ್ಲಿ ಸಾಧನೆ ಮಾಡುತ್ತಿರುವುದು ಹೆಮ್ಮೆಯ ವಿಷಯ ಎಂದು ಗಣ್ಯರು ಶ್ಲಾಘಿಸಿದರು. ಕಿರುಚಿತ್ರದಲ್ಲಿ ಸ್ಥಳೀಯ ಕಲಾವಿದರೇ ಅಭಿನಯಿಸಿದ್ದು, ಸಾಮಾಜಿಕ ಸಂದೇಶ ಸಾರುವ ಕಥಾವಸ್ತು ಹೊಂದಿದೆ. ತಂಡದ ಸದಸ್ಯರು, ಸಾಹಿತಿಗಳು, ಕಲಾಪ್ರೇಮಿಗಳು ಉಪಸ್ಥಿತರಿದ್ದರು. ಮುಂದಿನ ದಿನಗಳಲ್ಲಿ ಚಲನಚಿತ್ರ ನಿರ್ಮಾಣದ ಗುರಿ ಹೊಂದಿದ್ದೇವೆ ಎಂದು ನಿರ್ದೇಶಕರು ತಿಳಿಸಿದರು.
ವಿವಿಧ ಬೇಡಿಕೆ ಈಡೇರಿಕೆಗೆ ಒತ್ತಾಯಿಸಿ ಮನವಿ
ಹೂವಿನಹಡಗಲಿ: ಕರ್ನಾಟಕ ರಾಜ್ಯ ರೈತ ಸಂಘ ಹಾಗೂ ಹಸಿರು ಸೇನೆ ಕಾರ್ಯಕರ್ತರು ವಿವಿಧ ಬೇಡಿಕೆ ಈಡೇರಿಕೆಗೆ ಒತ್ತಾಯಿಸಿ ತಹಸೀಲ್ದಾರ್ ಮೂಲಕ ಮುಖ್ಯಮಂತ್ರಿಗಳಿಗೆ ಮನವಿ ಸಲ್ಲಿಸಿದರು. ರೈತರ ಸಾಲ ಮನ್ನಾ ಮಾಡಬೇಕು, ಬೆಳೆ ವಿಮೆ ಪರಿಹಾರ ಶೀಘ್ರ ಬಿಡುಗಡೆ ಮಾಡಬೇಕು, ಕೃಷಿ ಪಂಪ್‌ಸೆಟ್‌ಗಳಿಗೆ ಹಗಲು ವೇಳೆ 7 ತಾಸು ತ್ರಿಫೇಸ್ ವಿದ್ಯುತ್ ಪೂರೈಸಬೇಕು, ರಸಗೊಬ್ಬರ ಹಾಗೂ ಬಿತ್ತನೆ ಬೀಜ ಸಮರ್ಪಕವಾಗಿ ವಿತರಿಸಬೇಕು ಎಂದು ಆಗ್ರಹಿಸಿದರು. ಬೇಡಿಕೆ ಈಡೇರದಿದ್ದಲ್ಲಿ ಉಗ್ರ ಹೋರಾಟ ನಡೆಸಲಾಗುವುದು ಎಂದು ಎಚ್ಚರಿಸಿದರು. ಸಂಘದ ಜಿಲ್ಲಾಧ್ಯಕ್ಷರು, ತಾಲೂಕು ಘಟಕದ ಪದಾಧಿಕಾರಿಗಳು ಹಾಗೂ ನೂರಾರು ರೈತರು ಪಾಲ್ಗೊಂಡಿದ್ದರು. ನೀರಾವರಿ ಯೋಜನೆಗಳನ್ನು ಶೀಘ್ರ ಪೂರ್ಣಗೊಳಿಸಬೇಕು, ಬೆಂಬಲ ಬೆಲೆಯಲ್ಲಿ ಧಾನ್ಯ ಖರೀದಿ ಕೇಂದ್ರ ತೆರೆಯಬೇಕು ಎಂದೂ ಒತ್ತಾಯಿಸಿದರು.
ಕರ್ನಾಟಕ ರಾಜ್ಯ ರೈತ ಸಂಘ ಹಾಗೂ ಹಸಿರು ಸೇನೆ ಕಾರ್ಯಕರ್ತರು ವಿವಿಧ ಬೇಡಿಕೆ ಈಡೇರಿಕೆಗೆ ಒತ್ತಾಯಿಸಿ ತಹಸೀಲ್ದಾರ್ ಮೂಲಕ ಮುಖ್ಯಮಂತ್ರಿಗಳಿಗೆ ಮನವಿ ಸಲ್ಲಿಸಿದರು. ರೈತರ ಸಾಲ ಮನ್ನಾ ಮಾಡಬೇಕು, ಬೆಳೆ ವಿಮೆ ಪರಿಹಾರ ಶೀಘ್ರ ಬಿಡುಗಡೆ ಮಾಡಬೇಕು, ಕೃಷಿ ಪಂಪ್‌ಸೆಟ್‌ಗಳಿಗೆ ಹಗಲು ವೇಳೆ 7 ತಾಸು ತ್ರಿಫೇಸ್ ವಿದ್ಯುತ್ ಪೂರೈಸಬೇಕು, ರಸಗೊಬ್ಬರ ಹಾಗೂ ಬಿತ್ತನೆ ಬೀಜ ಸಮರ್ಪಕವಾಗಿ ವಿತರಿಸಬೇಕು ಎಂದು ಆಗ್ರಹಿಸಿದರು. ಬೇಡಿಕೆ ಈಡೇರದಿದ್ದಲ್ಲಿ ಉಗ್ರ ಹೋರಾಟ ನಡೆಸಲಾಗುವುದು ಎಂದು ಎಚ್ಚರಿಸಿದರು. ಸಂಘದ ಜಿಲ್ಲಾಧ್ಯಕ್ಷರು, ತಾಲೂಕು ಘಟಕದ ಪದಾಧಿಕಾರಿಗಳು ಹಾಗೂ ನೂರಾರು ರೈತರು ಪಾಲ್ಗೊಂಡಿದ್ದರು. ನೀರಾವರಿ ಯೋಜನೆಗಳನ್ನು ಶೀಘ್ರ ಪೂರ್ಣಗೊಳಿಸಬೇಕು, ಬೆಂಬಲ ಬೆಲೆಯಲ್ಲಿ ಧಾನ್ಯ ಖರೀದಿ ಕೇಂದ್ರ ತೆರೆಯಬೇಕು ಎಂದೂ ಒತ್ತಾಯಿಸಿದರು.
